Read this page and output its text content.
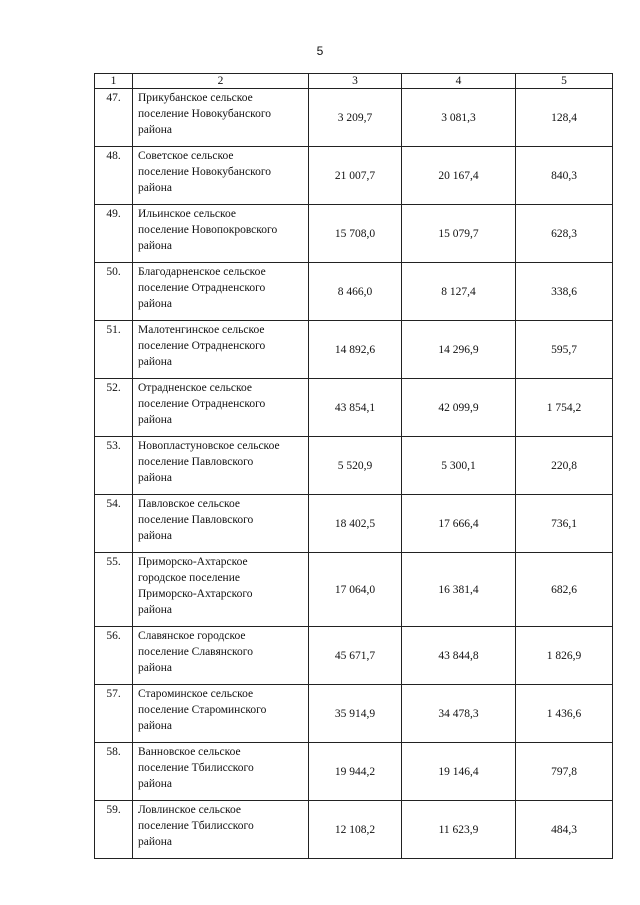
5
1	2	3	4	5
47.	Прикубанское сельское
поселение Новокубанского
района	3 209,7	3 081,3	128,4
48.	Советское сельское
поселение Новокубанского
района	21 007,7	20 167,4	840,3
49.	Ильинское сельское
поселение Новопокровского
района	15 708,0	15 079,7	628,3
50.	Благодарненское сельское
поселение Отрадненского
района	8 466,0	8 127,4	338,6
51.	Малотенгинское сельское
поселение Отрадненского
района	14 892,6	14 296,9	595,7
52.	Отрадненское сельское
поселение Отрадненского
района	43 854,1	42 099,9	1 754,2
53.	Новопластуновское сельское
поселение Павловского
района	5 520,9	5 300,1	220,8
54.	Павловское сельское
поселение Павловского
района	18 402,5	17 666,4	736,1
55.	Приморско-Ахтарское
городское поселение
Приморско-Ахтарского
района	17 064,0	16 381,4	682,6
56.	Славянское городское
поселение Славянского
района	45 671,7	43 844,8	1 826,9
57.	Староминское сельское
поселение Староминского
района	35 914,9	34 478,3	1 436,6
58.	Ванновское сельское
поселение Тбилисского
района	19 944,2	19 146,4	797,8
59.	Ловлинское сельское
поселение Тбилисского
района	12 108,2	11 623,9	484,3
